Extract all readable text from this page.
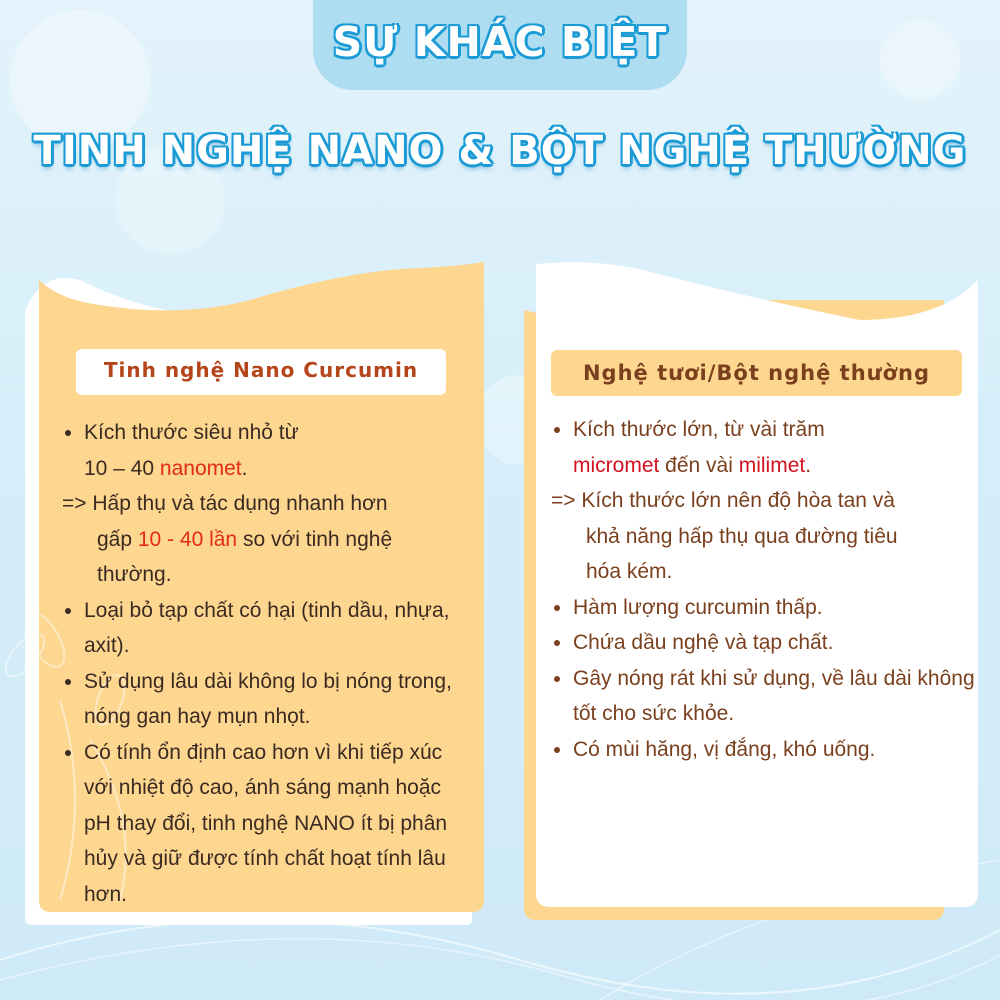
SỰ KHÁC BIỆT
TINH NGHỆ NANO & BỘT NGHỆ THƯỜNG
Tinh nghệ Nano Curcumin	Nghệ tươi/Bột nghệ thường
Kích thước siêu nhỏ từ
10 – 40 nanomet.
=> Hấp thụ và tác dụng nhanh hơn
gấp 10 - 40 lần so với tinh nghệ
thường.
Loại bỏ tạp chất có hại (tinh dầu, nhựa, axit).
Sử dụng lâu dài không lo bị nóng trong, nóng gan hay mụn nhọt.
Có tính ổn định cao hơn vì khi tiếp xúc với nhiệt độ cao, ánh sáng mạnh hoặc pH thay đổi, tinh nghệ NANO ít bị phân hủy và giữ được tính chất hoạt tính lâu hơn.
Kích thước lớn, từ vài trăm
micromet đến vài milimet.
=> Kích thước lớn nên độ hòa tan và
khả năng hấp thụ qua đường tiêu
hóa kém.
Hàm lượng curcumin thấp.
Chứa dầu nghệ và tạp chất.
Gây nóng rát khi sử dụng, về lâu dài không tốt cho sức khỏe.
Có mùi hăng, vị đắng, khó uống.
